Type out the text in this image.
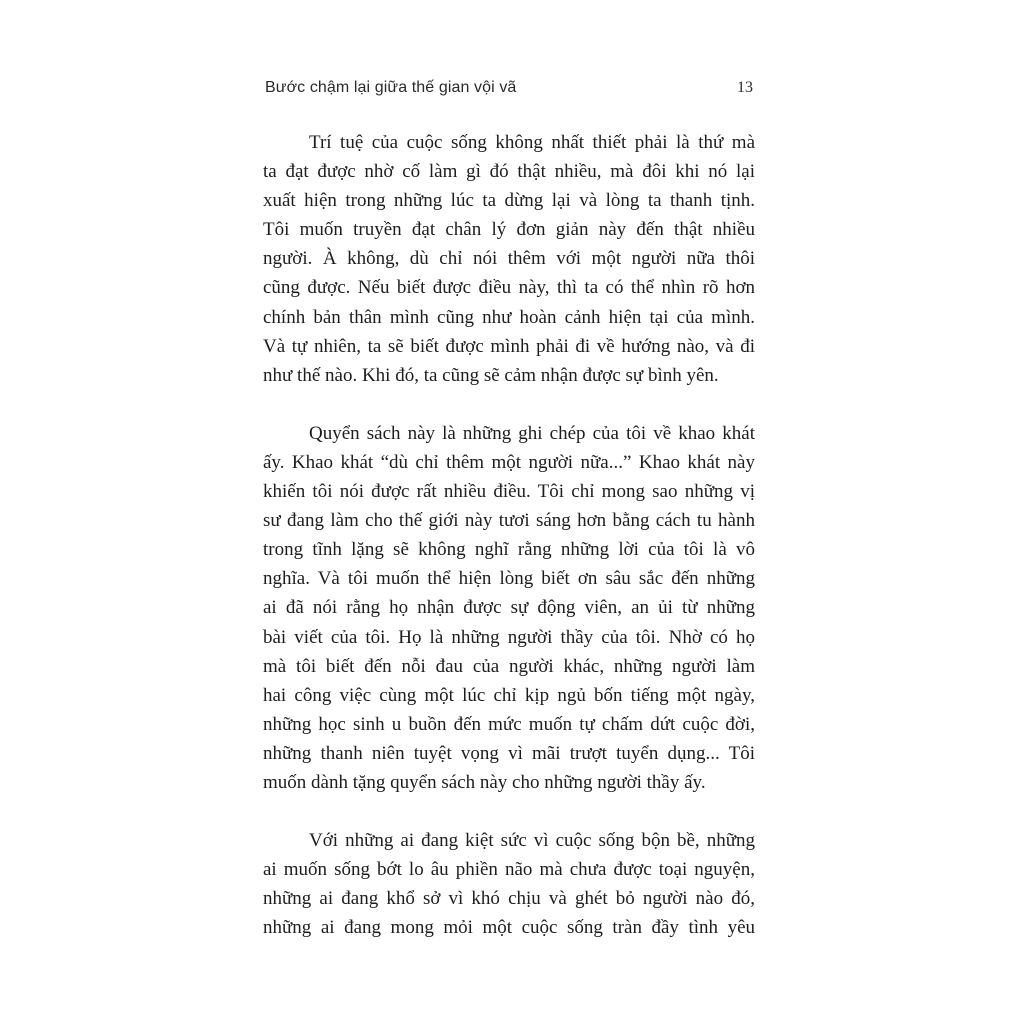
Bước chậm lại giữa thế gian vội vã	13
Trí tuệ của cuộc sống không nhất thiết phải là thứ mà
ta đạt được nhờ cố làm gì đó thật nhiều, mà đôi khi nó lại
xuất hiện trong những lúc ta dừng lại và lòng ta thanh tịnh.
Tôi muốn truyền đạt chân lý đơn giản này đến thật nhiều
người. À không, dù chỉ nói thêm với một người nữa thôi
cũng được. Nếu biết được điều này, thì ta có thể nhìn rõ hơn
chính bản thân mình cũng như hoàn cảnh hiện tại của mình.
Và tự nhiên, ta sẽ biết được mình phải đi về hướng nào, và đi
như thế nào. Khi đó, ta cũng sẽ cảm nhận được sự bình yên.
Quyển sách này là những ghi chép của tôi về khao khát
ấy. Khao khát “dù chỉ thêm một người nữa...” Khao khát này
khiến tôi nói được rất nhiều điều. Tôi chỉ mong sao những vị
sư đang làm cho thế giới này tươi sáng hơn bằng cách tu hành
trong tĩnh lặng sẽ không nghĩ rằng những lời của tôi là vô
nghĩa. Và tôi muốn thể hiện lòng biết ơn sâu sắc đến những
ai đã nói rằng họ nhận được sự động viên, an ủi từ những
bài viết của tôi. Họ là những người thầy của tôi. Nhờ có họ
mà tôi biết đến nỗi đau của người khác, những người làm
hai công việc cùng một lúc chỉ kịp ngủ bốn tiếng một ngày,
những học sinh u buồn đến mức muốn tự chấm dứt cuộc đời,
những thanh niên tuyệt vọng vì mãi trượt tuyển dụng... Tôi
muốn dành tặng quyển sách này cho những người thầy ấy.
Với những ai đang kiệt sức vì cuộc sống bộn bề, những
ai muốn sống bớt lo âu phiền não mà chưa được toại nguyện,
những ai đang khổ sở vì khó chịu và ghét bỏ người nào đó,
những ai đang mong mỏi một cuộc sống tràn đầy tình yêu
